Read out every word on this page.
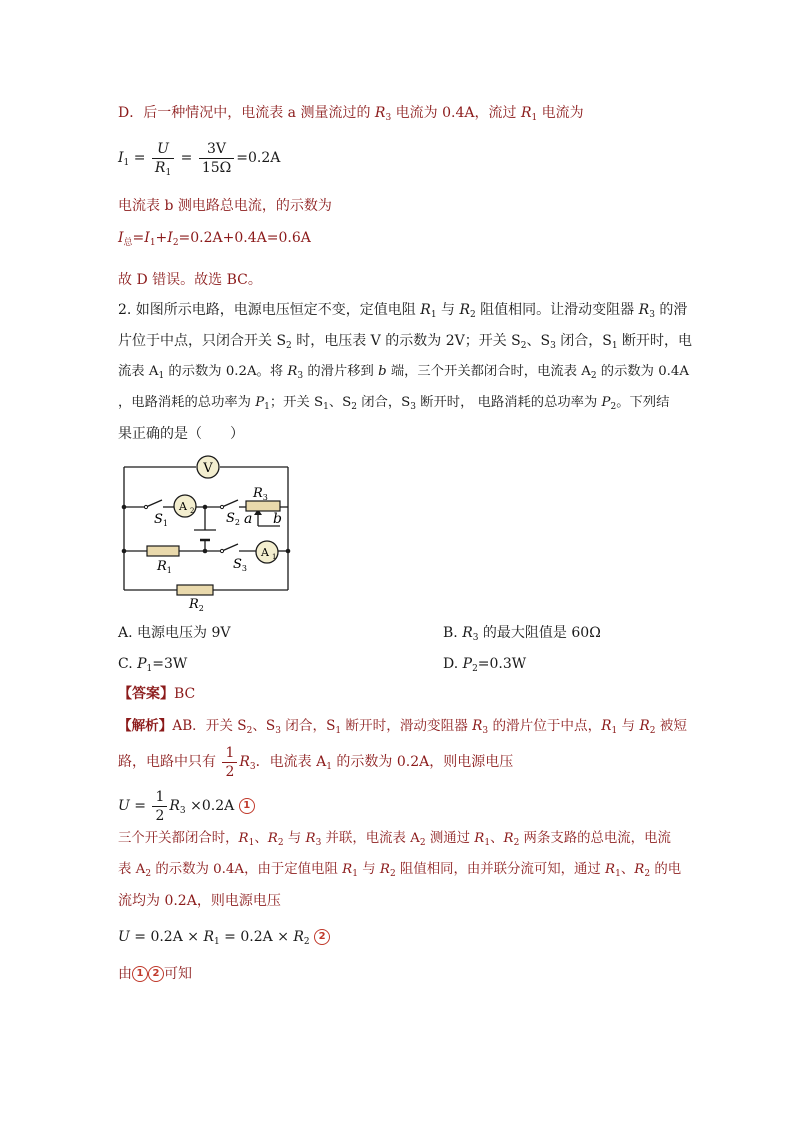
D．后一种情况中，电流表 a 测量流过的 $R_3$ 电流为 0.4A，流过 $R_1$ 电流为
$I_1 = \frac{U}{R_1} = \frac{3V}{15\Omega} =0.2A$
电流表 b 测电路总电流，的示数为
$I_总=I_1+I_2=0.2A+0.4A=0.6A$
故 D 错误。故选 BC。
2. 如图所示电路，电源电压恒定不变，定值电阻 $R_1$ 与 $R_2$ 阻值相同。让滑动变阻器 $R_3$ 的滑
片位于中点，只闭合开关 $S_2$ 时，电压表 V 的示数为 2V；开关 $S_2$、$S_3$ 闭合，$S_1$ 断开时，电
流表 $A_1$ 的示数为 0.2A。将 $R_3$ 的滑片移到 b 端，三个开关都闭合时，电流表 $A_2$ 的示数为 0.4A
，电路消耗的总功率为 $P_1$；开关 $S_1$、$S_2$ 闭合，$S_3$ 断开时， 电路消耗的总功率为 $P_2$。下列结
果正确的是（　　）
V
A 2
A 1
$S_1$	$S_2$
$S_3$
$R_3$
$R_1$
$R_2$
a b
A. 电源电压为 9V	B. $R_3$ 的最大阻值是 60Ω
C. $P_1=3W$	D. $P_2=0.3W$
【答案】BC
【解析】AB．开关 $S_2$、$S_3$ 闭合，$S_1$ 断开时，滑动变阻器 $R_3$ 的滑片位于中点，$R_1$ 与 $R_2$ 被短
路，电路中只有 $\frac{1}{2} R_3$．电流表 $A_1$ 的示数为 0.2A，则电源电压
$U = \frac{1}{2} R_3 \times 0.2A$ 1
三个开关都闭合时，$R_1$、$R_2$ 与 $R_3$ 并联，电流表 $A_2$ 测通过 $R_1$、$R_2$ 两条支路的总电流，电流
表 $A_2$ 的示数为 0.4A，由于定值电阻 $R_1$ 与 $R_2$ 阻值相同，由并联分流可知，通过 $R_1$、$R_2$ 的电
流均为 0.2A，则电源电压
$U = 0.2A \times R_1 = 0.2A \times R_2$ 2
由 1 2 可知
